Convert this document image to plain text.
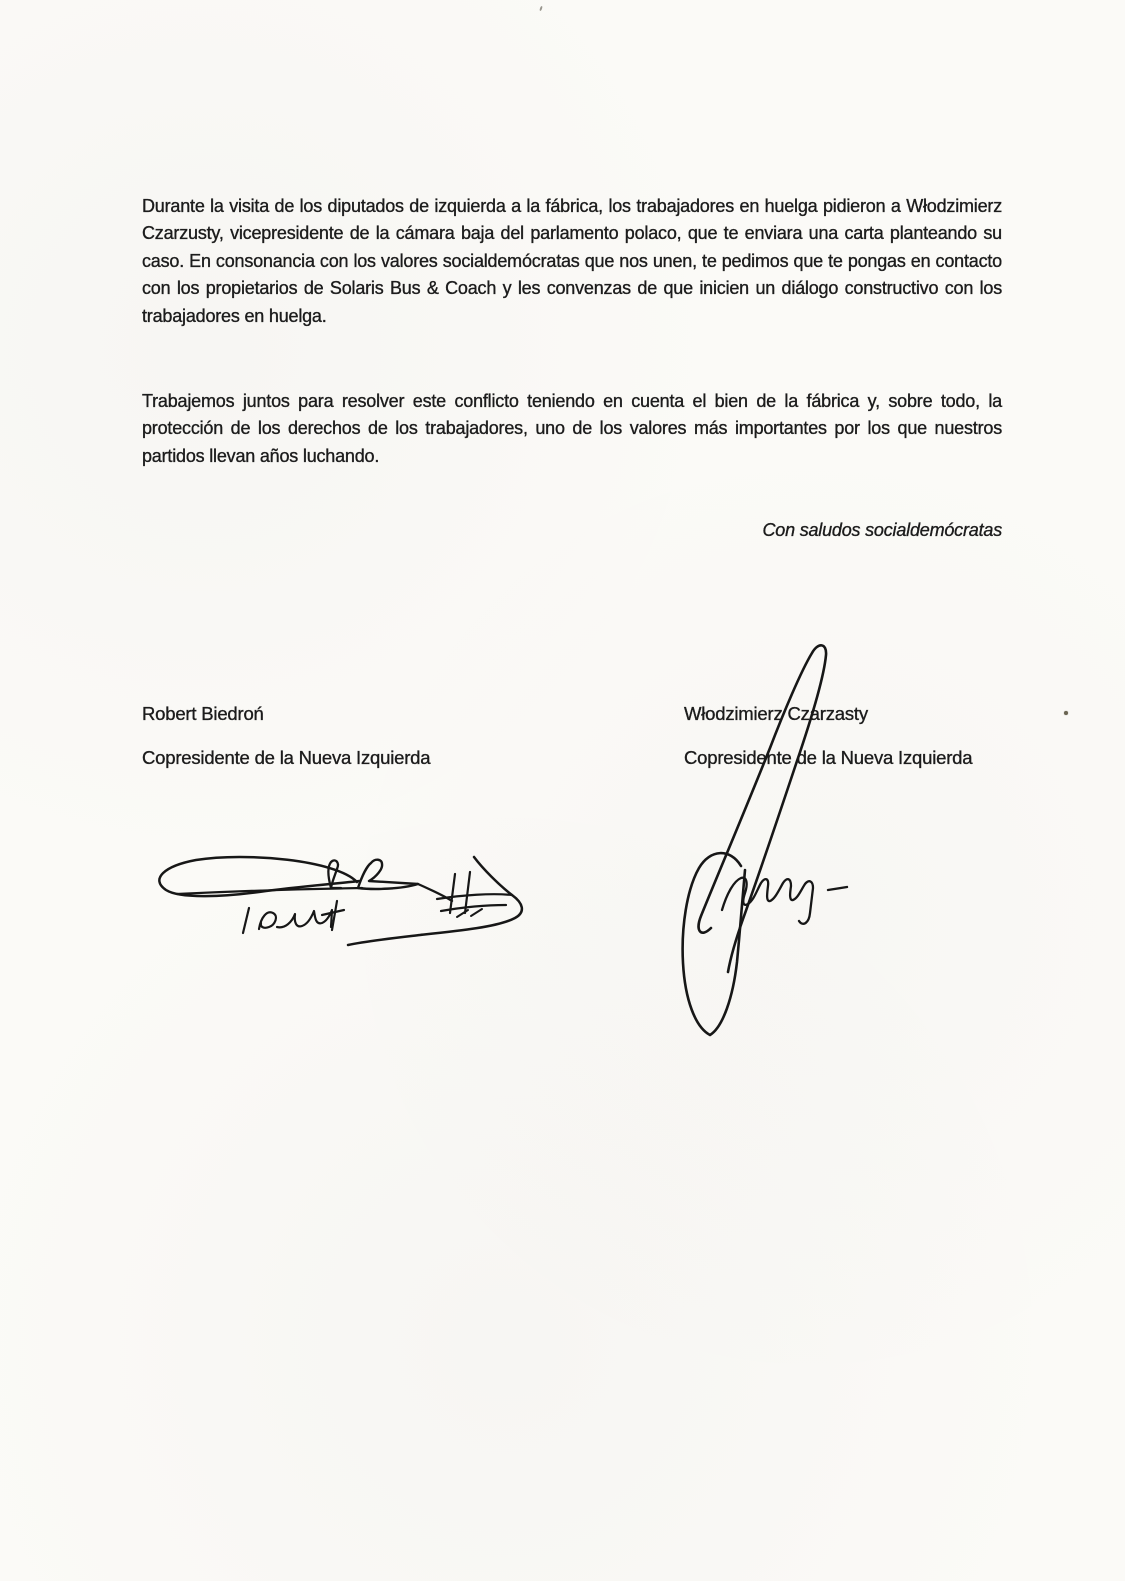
Durante la visita de los diputados de izquierda a la fábrica, los trabajadores en huelga pidieron a Włodzimierz Czarzusty, vicepresidente de la cámara baja del parlamento polaco, que te enviara una carta planteando su caso. En consonancia con los valores socialdemócratas que nos unen, te pedimos que te pongas en contacto con los propietarios de Solaris Bus & Coach y les convenzas de que inicien un diálogo constructivo con los trabajadores en huelga.

Trabajemos juntos para resolver este conflicto teniendo en cuenta el bien de la fábrica y, sobre todo, la protección de los derechos de los trabajadores, uno de los valores más importantes por los que nuestros partidos llevan años luchando.

Con saludos socialdemócratas
Robert Biedroń
Copresidente de la Nueva Izquierda
Włodzimierz Czarzasty
Copresidente de la Nueva Izquierda
